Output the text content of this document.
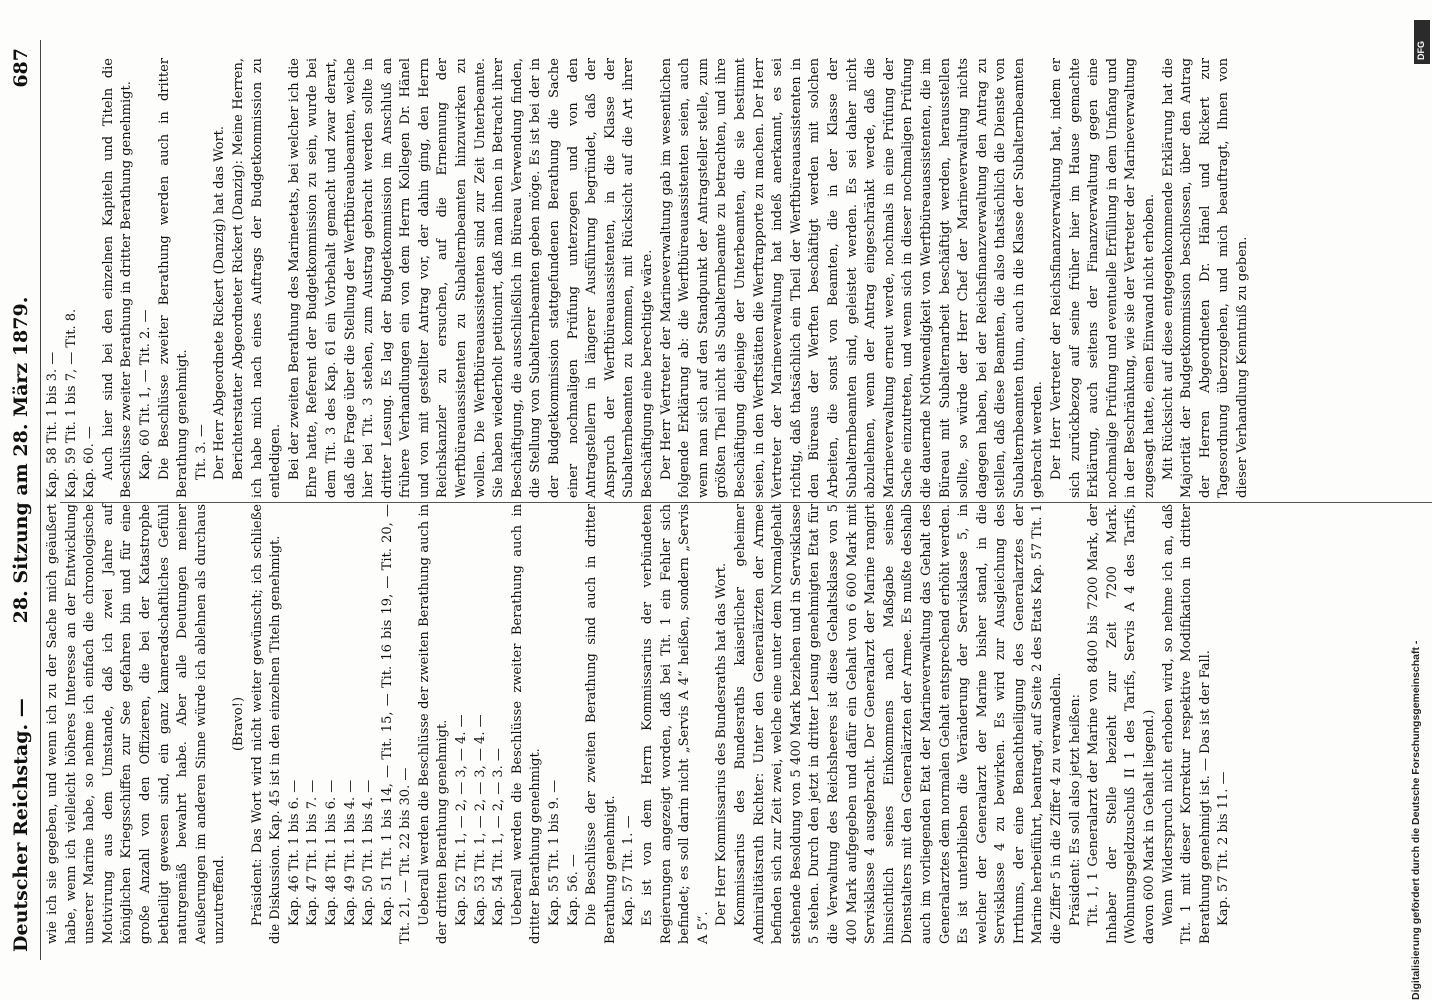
Deutscher Reichstag. —
28. Sitzung am 28. März 1879.
687

wie ich sie gegeben, und wenn ich zu der Sache mich geäußert habe, wenn ich vielleicht höheres Interesse an der Entwicklung unserer Marine habe, so nehme ich einfach die chronologische Motivirung aus dem Umstande, daß ich zwei Jahre auf königlichen Kriegsschiffen zur See gefahren bin und für eine große Anzahl von den Offizieren, die bei der Katastrophe betheiligt gewesen sind, ein ganz kameradschaftliches Gefühl naturgemäß bewahrt habe. Aber alle Deutungen meiner Aeußerungen im anderen Sinne würde ich ablehnen als durchaus unzutreffend.

(Bravo!) Präsident: Das Wort wird nicht weiter gewünscht; ich schließe die Diskussion. Kap. 45 ist in den einzelnen Titeln genehmigt. Kap. 46 Tit. 1 bis 6. — Kap. 47 Tit. 1 bis 7. — Kap. 48 Tit. 1 bis 6. — Kap. 49 Tit. 1 bis 4. — Kap. 50 Tit. 1 bis 4. — Kap. 51 Tit. 1 bis 14, — Tit. 15, — Tit. 16 bis 19, — Tit. 20, — Tit. 21, — Tit. 22 bis 30. — Ueberall werden die Beschlüsse der zweiten Berathung auch in der dritten Berathung genehmigt. Kap. 52 Tit. 1, — 2, — 3, — 4. — Kap. 53 Tit. 1, — 2, — 3, — 4. — Kap. 54 Tit. 1, — 2, — 3. — Ueberall werden die Beschlüsse zweiter Berathung auch in dritter Berathung genehmigt. Kap. 55 Tit. 1 bis 9. — Kap. 56. — Die Beschlüsse der zweiten Berathung sind auch in dritter Berathung genehmigt. Kap. 57 Tit. 1. — Es ist von dem Herrn Kommissarius der verbündeten Regierungen angezeigt worden, daß bei Tit. 1 ein Fehler sich befindet; es soll darin nicht „Servis A 4“ heißen, sondern „Servis A 5“.

Der Herr Kommissarius des Bundesraths hat das Wort. Kommissarius des Bundesraths kaiserlicher geheimer Admiralitätsrath Richter: Unter den Generalärzten der Armee befinden sich zur Zeit zwei, welche eine unter dem Normalgehalt stehende Besoldung von 5 400 Mark beziehen und in Servisklasse 5 stehen. Durch den jetzt in dritter Lesung genehmigten Etat für die Verwaltung des Reichsheeres ist diese Gehaltsklasse von 5 400 Mark aufgegeben und dafür ein Gehalt von 6 600 Mark mit Servisklasse 4 ausgebracht. Der Generalarzt der Marine rangirt hinsichtlich seines Einkommens nach Maßgabe seines Dienstalters mit den Generalärzten der Armee. Es mußte deshalb auch im vorliegenden Etat der Marineverwaltung das Gehalt des Generalarztes dem normalen Gehalt entsprechend erhöht werden. Es ist unterblieben die Veränderung der Servisklasse 5, in welcher der Generalarzt der Marine bisher stand, in die Servisklasse 4 zu bewirken. Es wird zur Ausgleichung des Irrthums, der eine Benachtheiligung des Generalarztes der Marine herbeiführt, beantragt, auf Seite 2 des Etats Kap. 57 Tit. 1 die Ziffer 5 in die Ziffer 4 zu verwandeln. Präsident: Es soll also jetzt heißen: Tit. 1, 1 Generalarzt der Marine von 8400 bis 7200 Mark, der Inhaber der Stelle bezieht zur Zeit 7200 Mark. (Wohnungsgeldzuschuß II 1 des Tarifs, Servis A 4 des Tarifs, davon 600 Mark in Gehalt liegend.) Wenn Widerspruch nicht erhoben wird, so nehme ich an, daß Tit. 1 mit dieser Korrektur respektive Modifikation in dritter Berathung genehmigt ist. — Das ist der Fall. Kap. 57 Tit. 2 bis 11. —

Kap. 58 Tit. 1 bis 3. — Kap. 59 Tit. 1 bis 7, — Tit. 8. Kap. 60. — Auch hier sind bei den einzelnen Kapiteln und Titeln die Beschlüsse zweiter Berathung in dritter Berathung genehmigt. Kap. 60 Tit. 1, — Tit. 2. — Die Beschlüsse zweiter Berathung werden auch in dritter Berathung genehmigt. Tit. 3. — Der Herr Abgeordnete Rickert (Danzig) hat das Wort. Berichterstatter Abgeordneter Rickert (Danzig): Meine Herren, ich habe mich nach eines Auftrags der Budgetkommission zu entledigen. Bei der zweiten Berathung des Marineetats, bei welcher ich die Ehre hatte, Referent der Budgetkommission zu sein, wurde bei dem Tit. 3 des Kap. 61 ein Vorbehalt gemacht und zwar derart, daß die Frage über die Stellung der Werftbüreaubeamten, welche hier bei Tit. 3 stehen, zum Austrag gebracht werden sollte in dritter Lesung. Es lag der Budgetkommission im Anschluß an frühere Verhandlungen ein von dem Herrn Kollegen Dr. Hänel und von mit gestellter Antrag vor, der dahin ging, den Herrn Reichskanzler zu ersuchen, auf die Ernennung der Werftbüreauassistenten zu Subalternbeamten hinzuwirken zu wollen. Die Werftbüreauassistenten sind zur Zeit Unterbeamte. Sie haben wiederholt petitionirt, daß man ihnen in Betracht ihrer Beschäftigung, die ausschließlich im Büreau Verwendung finden, die Stellung von Subalternbeamten geben möge. Es ist bei der in der Budgetkommission stattgefundenen Berathung die Sache einer nochmaligen Prüfung unterzogen und von den Antragstellern in längerer Ausführung begründet, daß der Anspruch der Werftbüreauassistenten, in die Klasse der Subalternbeamten zu kommen, mit Rücksicht auf die Art ihrer Beschäftigung eine berechtigte wäre. Der Herr Vertreter der Marineverwaltung gab im wesentlichen folgende Erklärung ab: die Werftbüreauassistenten seien, auch wenn man sich auf den Standpunkt der Antragsteller stelle, zum größten Theil nicht als Subalternbeamte zu betrachten, und ihre Beschäftigung diejenige der Unterbeamten, die sie bestimmt seien, in den Werftstätten die Werftrapporte zu machen. Der Herr Vertreter der Marineverwaltung hat indeß anerkannt, es sei richtig, daß thatsächlich ein Theil der Werftbüreauassistenten in den Büreaus der Werften beschäftigt werden mit solchen Arbeiten, die sonst von Beamten, die in der Klasse der Subalternbeamten sind, geleistet werden. Es sei daher nicht abzulehnen, wenn der Antrag eingeschränkt werde, daß die Marineverwaltung erneut werde, nochmals in eine Prüfung der Sache einzutreten, und wenn sich in dieser nochmaligen Prüfung die dauernde Nothwendigkeit von Werftbüreauassistenten, die im Büreau mit Subalternarbeit beschäftigt werden, herausstellen sollte, so würde der Herr Chef der Marineverwaltung nichts dagegen haben, bei der Reichsfinanzverwaltung den Antrag zu stellen, daß diese Beamten, die also thatsächlich die Dienste von Subalternbeamten thun, auch in die Klasse der Subalternbeamten gebracht werden. Der Herr Vertreter der Reichsfinanzverwaltung hat, indem er sich zurückbezog auf seine früher hier im Hause gemachte Erklärung, auch seitens der Finanzverwaltung gegen eine nochmalige Prüfung und eventuelle Erfüllung in dem Umfang und in der Beschränkung, wie sie der Vertreter der Marineverwaltung zugesagt hatte, einen Einwand nicht erhoben. Mit Rücksicht auf diese entgegenkommende Erklärung hat die Majorität der Budgetkommission beschlossen, über den Antrag der Herren Abgeordneten Dr. Hänel und Rickert zur Tagesordnung überzugehen, und mich beauftragt, Ihnen von dieser Verhandlung Kenntniß zu geben.

Digitalisierung gefördert durch die Deutsche Forschungsgemeinschaft -
DFG
